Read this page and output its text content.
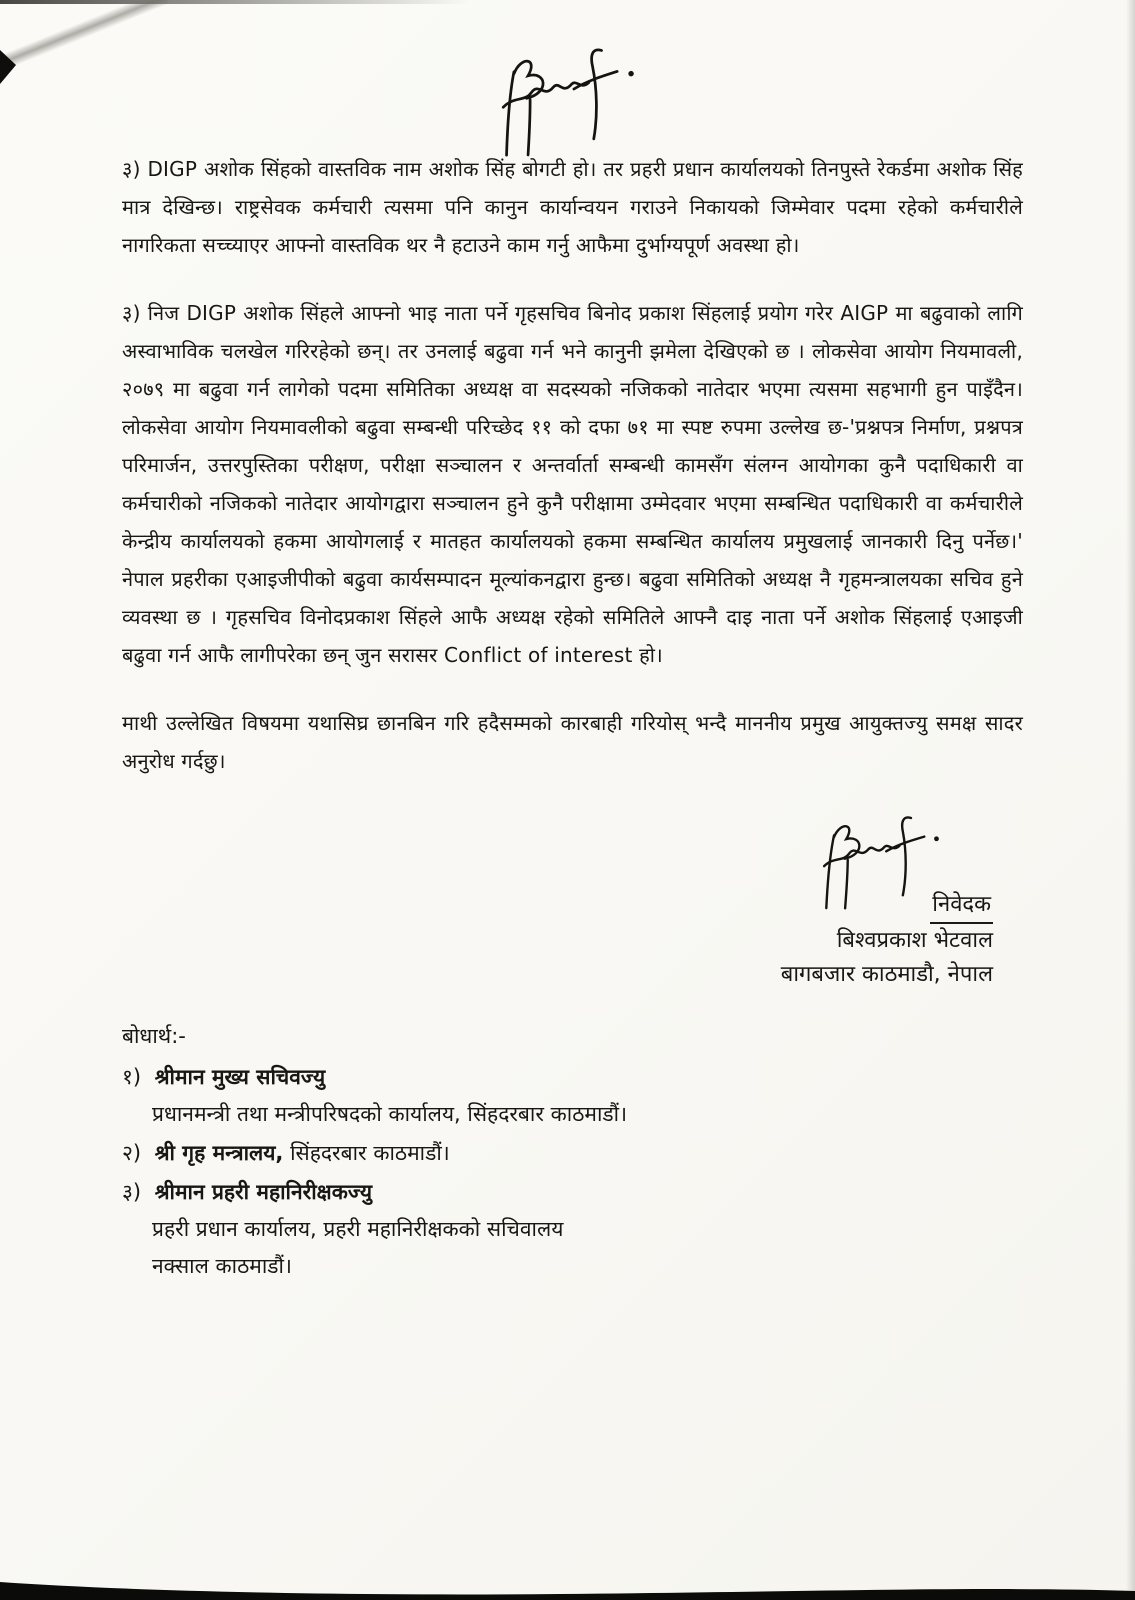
३) DIGP अशोक सिंहको वास्तविक नाम अशोक सिंह बोगटी हो। तर प्रहरी प्रधान कार्यालयको तिनपुस्ते रेकर्डमा अशोक सिंह मात्र देखिन्छ। राष्ट्रसेवक कर्मचारी त्यसमा पनि कानुन कार्यान्वयन गराउने निकायको जिम्मेवार पदमा रहेको कर्मचारीले नागरिकता सच्च्याएर आफ्नो वास्तविक थर नै हटाउने काम गर्नु आफैमा दुर्भाग्यपूर्ण अवस्था हो।
३) निज DIGP अशोक सिंहले आफ्नो भाइ नाता पर्ने गृहसचिव बिनोद प्रकाश सिंहलाई प्रयोग गरेर AIGP मा बढुवाको लागि अस्वाभाविक चलखेल गरिरहेको छन्। तर उनलाई बढुवा गर्न भने कानुनी झमेला देखिएको छ । लोकसेवा आयोग नियमावली, २०७९ मा बढुवा गर्न लागेको पदमा समितिका अध्यक्ष वा सदस्यको नजिकको नातेदार भएमा त्यसमा सहभागी हुन पाइँदैन। लोकसेवा आयोग नियमावलीको बढुवा सम्बन्धी परिच्छेद ११ को दफा ७१ मा स्पष्ट रुपमा उल्लेख छ-'प्रश्नपत्र निर्माण, प्रश्नपत्र परिमार्जन, उत्तरपुस्तिका परीक्षण, परीक्षा सञ्चालन र अन्तर्वार्ता सम्बन्धी कामसँग संलग्न आयोगका कुनै पदाधिकारी वा कर्मचारीको नजिकको नातेदार आयोगद्वारा सञ्चालन हुने कुनै परीक्षामा उम्मेदवार भएमा सम्बन्धित पदाधिकारी वा कर्मचारीले केन्द्रीय कार्यालयको हकमा आयोगलाई र मातहत कार्यालयको हकमा सम्बन्धित कार्यालय प्रमुखलाई जानकारी दिनु पर्नेछ।' नेपाल प्रहरीका एआइजीपीको बढुवा कार्यसम्पादन मूल्यांकनद्वारा हुन्छ। बढुवा समितिको अध्यक्ष नै गृहमन्त्रालयका सचिव हुने व्यवस्था छ । गृहसचिव विनोदप्रकाश सिंहले आफै अध्यक्ष रहेको समितिले आफ्नै दाइ नाता पर्ने अशोक सिंहलाई एआइजी बढुवा गर्न आफै लागीपरेका छन् जुन सरासर Conflict of interest हो।
माथी उल्लेखित विषयमा यथासिघ्र छानबिन गरि हदैसम्मको कारबाही गरियोस् भन्दै माननीय प्रमुख आयुक्तज्यु समक्ष सादर अनुरोध गर्दछु।
निवेदक
बिश्वप्रकाश भेटवाल
बागबजार काठमाडौ, नेपाल
बोधार्थ:-
१) श्रीमान मुख्य सचिवज्यु
प्रधानमन्त्री तथा मन्त्रीपरिषदको कार्यालय, सिंहदरबार काठमाडौं।
२) श्री गृह मन्त्रालय, सिंहदरबार काठमाडौं।
३) श्रीमान प्रहरी महानिरीक्षकज्यु
प्रहरी प्रधान कार्यालय, प्रहरी महानिरीक्षकको सचिवालय
नक्साल काठमाडौं।
